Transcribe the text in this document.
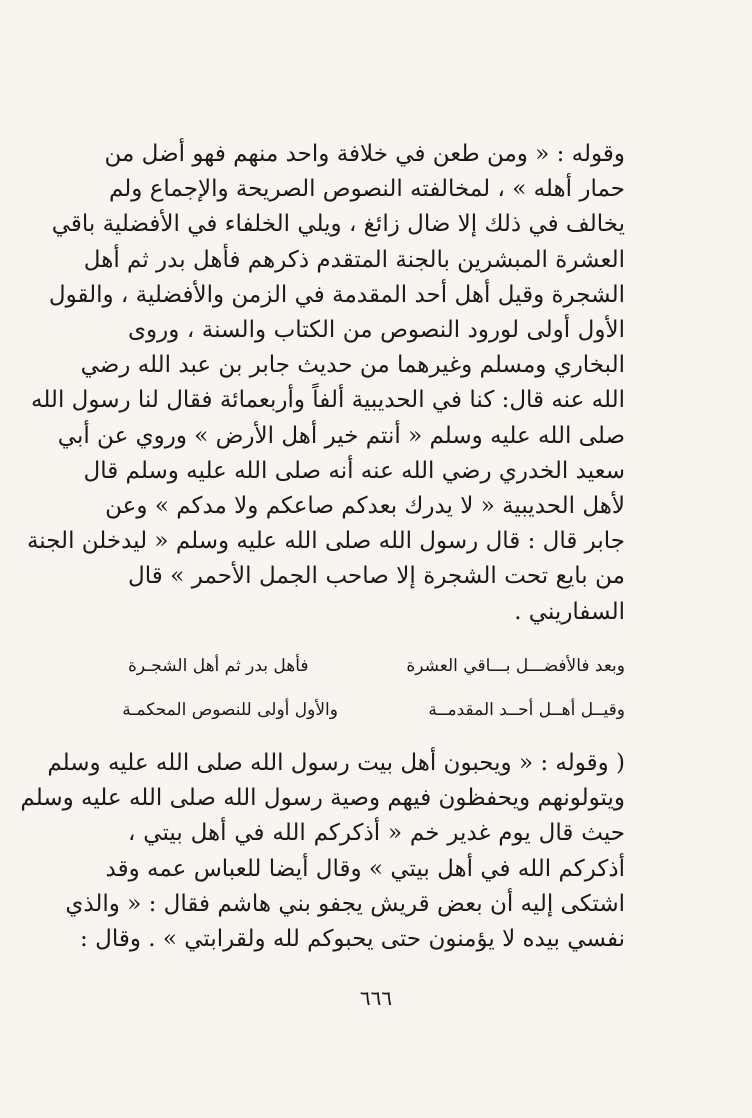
وقوله : « ومن طعن في خلافة واحد منهم فهو أضل من
حمار أهله » ، لمخالفته النصوص الصريحة والإجماع ولم
يخالف في ذلك إلا ضال زائغ ، ويلي الخلفاء في الأفضلية باقي
العشرة المبشرين بالجنة المتقدم ذكرهم فأهل بدر ثم أهل
الشجرة وقيل أهل أحد المقدمة في الزمن والأفضلية ، والقول
الأول أولى لورود النصوص من الكتاب والسنة ، وروى
البخاري ومسلم وغيرهما من حديث جابر بن عبد الله رضي
الله عنه قال: كنا في الحديبية ألفاً وأربعمائة فقال لنا رسول الله
صلى الله عليه وسلم « أنتم خير أهل الأرض » وروي عن أبي
سعيد الخدري رضي الله عنه أنه صلى الله عليه وسلم قال
لأهل الحديبية « لا يدرك بعدكم صاعكم ولا مدكم » وعن
جابر قال : قال رسول الله صلى الله عليه وسلم « ليدخلن الجنة
من بايع تحت الشجرة إلا صاحب الجمل الأحمر » قال
السفاريني .
وبعد فالأفضـــل بـــاقي العشرة
فأهل بدر ثم أهل الشجـرة
وقيــل أهــل أحــد المقدمــة
والأول أولى للنصوص المحكمـة
( وقوله : « ويحبون أهل بيت رسول الله صلى الله عليه وسلم
ويتولونهم ويحفظون فيهم وصية رسول الله صلى الله عليه وسلم
حيث قال يوم غدير خم « أذكركم الله في أهل بيتي ،
أذكركم الله في أهل بيتي » وقال أيضا للعباس عمه وقد
اشتكى إليه أن بعض قريش يجفو بني هاشم فقال : « والذي
نفسي بيده لا يؤمنون حتى يحبوكم لله ولقرابتي » . وقال :
٦٦٦
